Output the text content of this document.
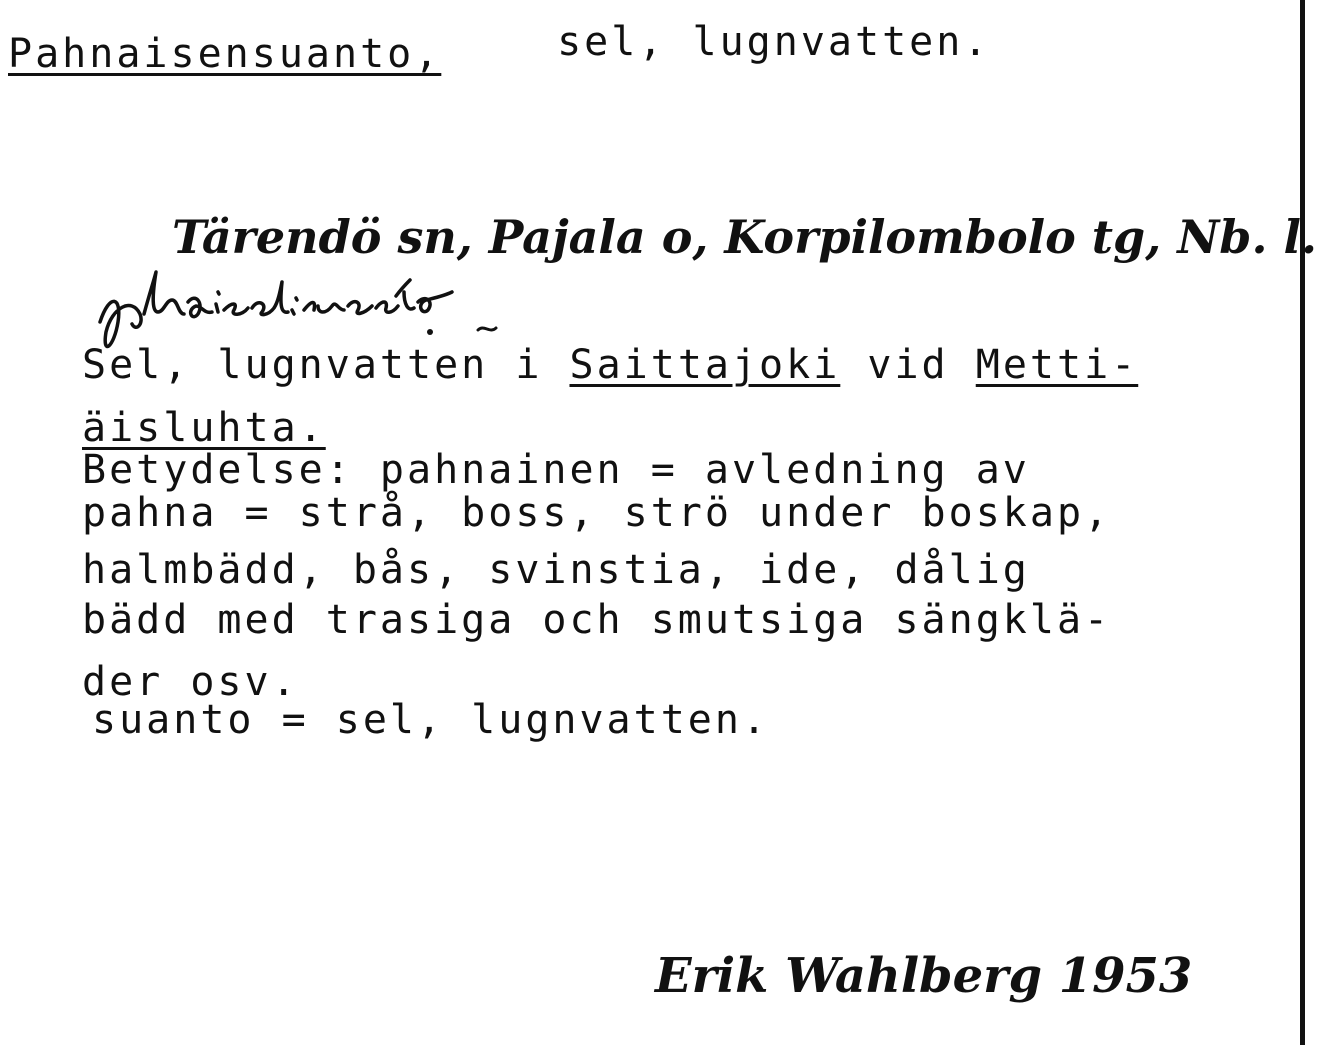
Pahnaisensuanto, sel, lugnvatten.
Tärendö sn, Pajala o, Korpilombolo tg, Nb. l.
Sel, lugnvatten i Saittajoki vid Metti-
äisluhta.
Betydelse: pahnainen = avledning av
pahna = strå, boss, strö under boskap,
halmbädd, bås, svinstia, ide, dålig
bädd med trasiga och smutsiga sängklä-
der osv.
suanto = sel, lugnvatten.
Erik Wahlberg 1953
